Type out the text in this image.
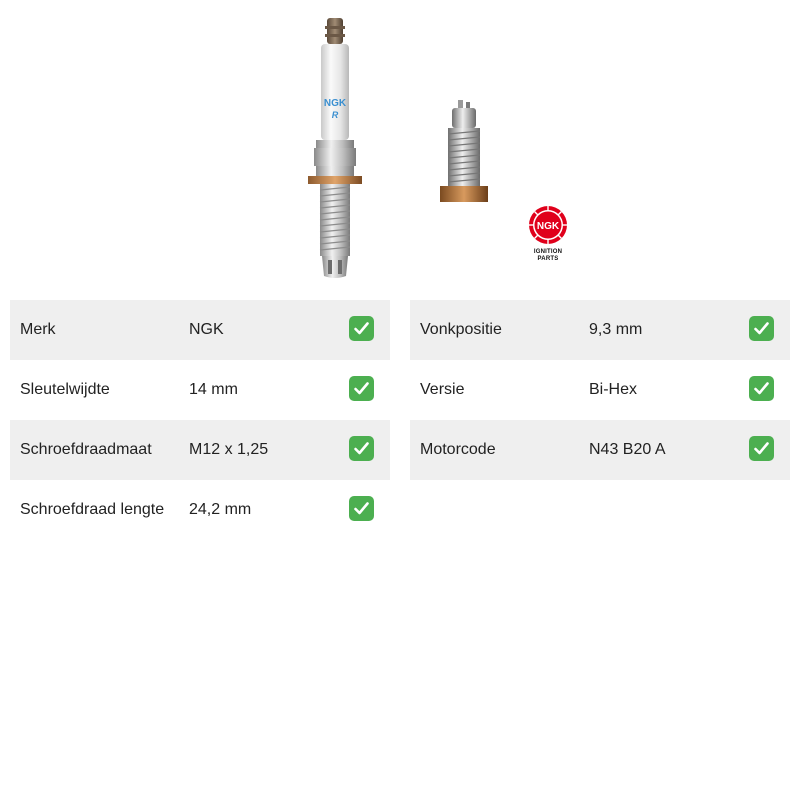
NGK
R
NGK
IGNITION
PARTS
Merk	NGK
Sleutelwijdte	14 mm
Schroefdraadmaat M12 x 1,25
Schroefdraad lengte 24,2 mm
Vonkpositie	9,3 mm
Versie	Bi-Hex
Motorcode	N43 B20 A
